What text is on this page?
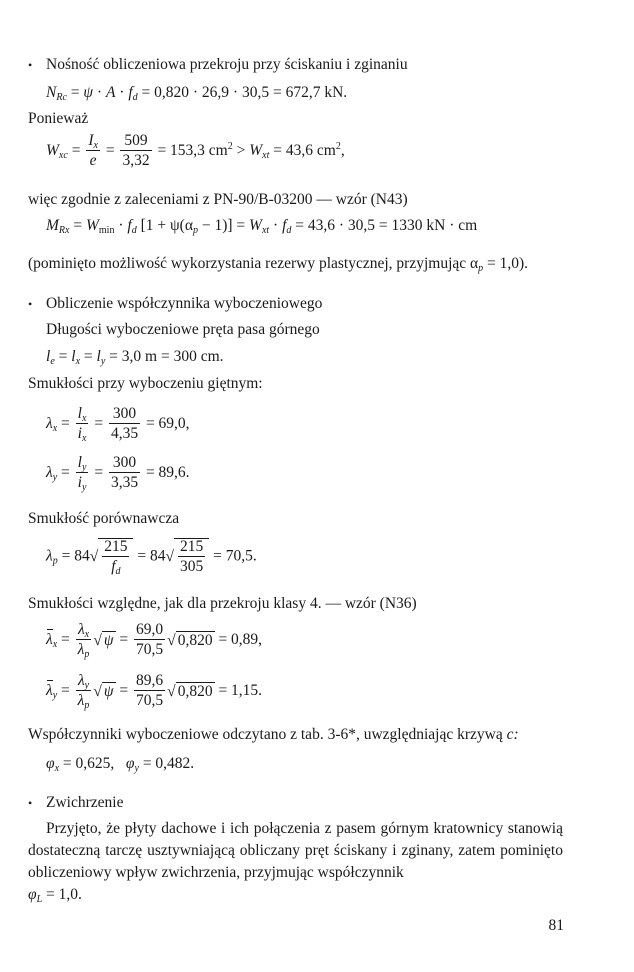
• Nośność obliczeniowa przekroju przy ściskaniu i zginaniu
$N_{Rc} = \psi \cdot A \cdot f_d = 0,820 \cdot 26,9 \cdot 30,5 = 672,7$ kN.
Ponieważ
$W_{xc} = \frac{I_x}{e} = \frac{509}{3,32} = 153,3$ $cm^2 > W_{xt} = 43,6$ $cm^2$,
więc zgodnie z zaleceniami z PN-90/B-03200 — wzór (N43)
$M_{Rx} = W_{min} \cdot f_d$ $[1 + \psi(\alpha_p - 1)] = W_{xt} \cdot f_d = 43,6 \cdot 30,5 = 1330$ kN · cm
(pominięto możliwość wykorzystania rezerwy plastycznej, przyjmując $\alpha_p = 1,0$).
• Obliczenie współczynnika wyboczeniowego
Długości wyboczeniowe pręta pasa górnego
$l_e = l_x = l_y = 3,0$ m = 300 cm.
Smukłości przy wyboczeniu giętnym:
$\lambda_x = \frac{l_x}{i_x} = \frac{300}{4,35} = 69,0$,
$\lambda_y = \frac{l_y}{i_y} = \frac{300}{3,35} = 89,6$.
Smukłość porównawcza
$\lambda_p = 84√ \frac{215}{f_d} = 84√ \frac{215}{305} = 70,5$.
Smukłości względne, jak dla przekroju klasy 4. — wzór (N36)
$\lambda_x = \frac{\lambda_x}{\lambda_p}$ √ $\psi = \frac{69,0}{70,5}$ √ 0,820 = 0,89,
$\lambda_y = \frac{\lambda_y}{\lambda_p}$ √ $\psi = \frac{89,6}{70,5}$ √ 0,820 = 1,15.
Współczynniki wyboczeniowe odczytano z tab. 3-6*, uwzględniając krzywą c:
$\varphi_x = 0,625$, $\varphi_y = 0,482$.
• Zwichrzenie
Przyjęto, że płyty dachowe i ich połączenia z pasem górnym kratownicy stanowią dostateczną tarczę usztywniającą obliczany pręt ściskany i zginany, zatem pominięto obliczeniowy wpływ zwichrzenia, przyjmując współczynnik
$\varphi_L = 1,0$.
81
